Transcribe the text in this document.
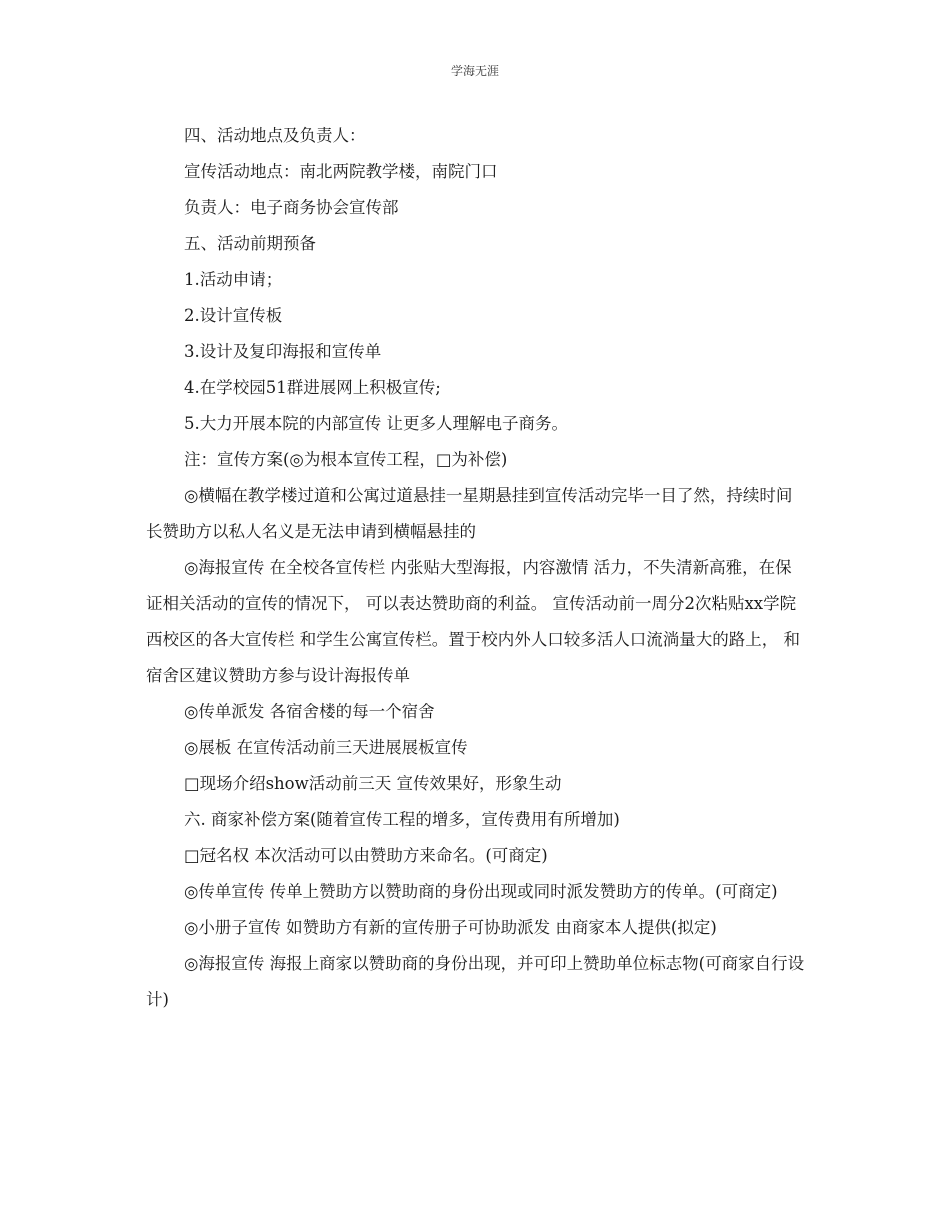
学海无涯
四、活动地点及负责人：
宣传活动地点：南北两院教学楼，南院门口
负责人：电子商务协会宣传部
五、活动前期预备
1.活动申请；
2.设计宣传板
3.设计及复印海报和宣传单
4.在学校园51群进展网上积极宣传;
5.大力开展本院的内部宣传 让更多人理解电子商务。
注：宣传方案(◎为根本宣传工程，□为补偿)
◎横幅在教学楼过道和公寓过道悬挂一星期悬挂到宣传活动完毕一目了然，持续时间长赞助方以私人名义是无法申请到横幅悬挂的
◎海报宣传 在全校各宣传栏 内张贴大型海报，内容激情 活力，不失清新高雅，在保证相关活动的宣传的情况下， 可以表达赞助商的利益。 宣传活动前一周分2次粘贴xx学院西校区的各大宣传栏 和学生公寓宣传栏。置于校内外人口较多活人口流淌量大的路上， 和宿舍区建议赞助方参与设计海报传单
◎传单派发 各宿舍楼的每一个宿舍
◎展板 在宣传活动前三天进展展板宣传
□现场介绍show活动前三天 宣传效果好，形象生动
六. 商家补偿方案(随着宣传工程的增多，宣传费用有所增加)
□冠名权 本次活动可以由赞助方来命名。(可商定)
◎传单宣传 传单上赞助方以赞助商的身份出现或同时派发赞助方的传单。(可商定)
◎小册子宣传 如赞助方有新的宣传册子可协助派发 由商家本人提供(拟定)
◎海报宣传 海报上商家以赞助商的身份出现，并可印上赞助单位标志物(可商家自行设计)
